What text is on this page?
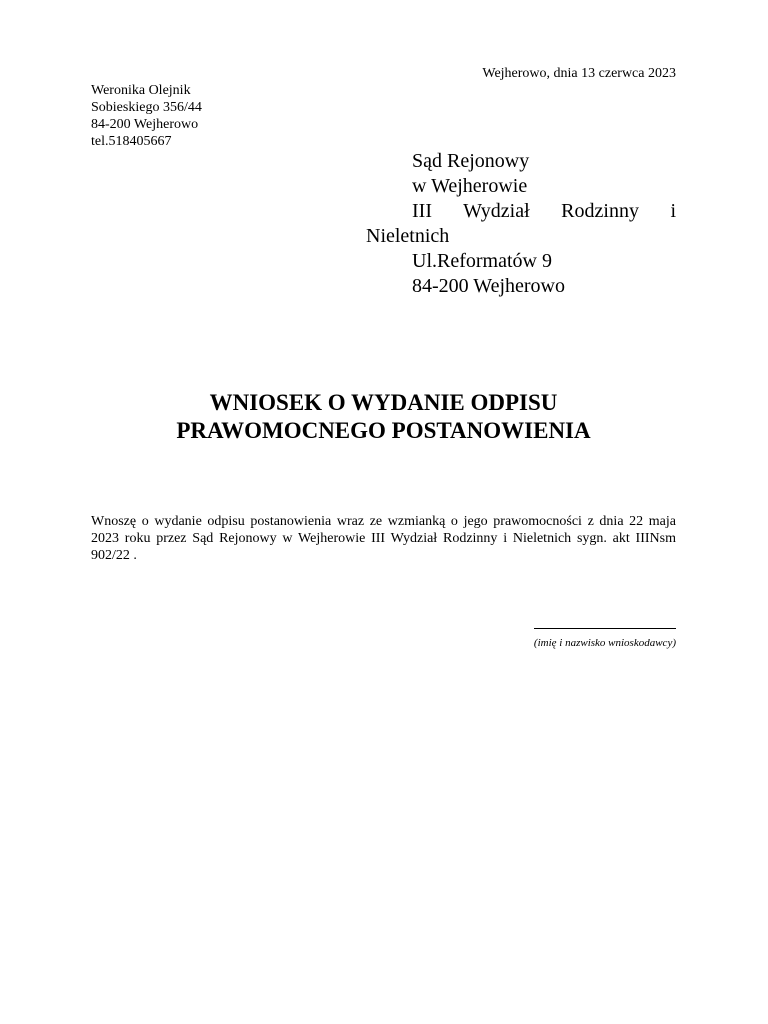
Wejherowo, dnia 13 czerwca 2023
Weronika Olejnik
Sobieskiego 356/44
84-200 Wejherowo
tel.518405667
Sąd Rejonowy
w Wejherowie
III Wydział Rodzinny i
Nieletnich
Ul.Reformatów 9
84-200 Wejherowo
WNIOSEK O WYDANIE ODPISU
PRAWOMOCNEGO POSTANOWIENIA
Wnoszę o wydanie odpisu postanowienia wraz ze wzmianką o jego prawomocności z dnia 22 maja 2023 roku przez Sąd Rejonowy w Wejherowie III Wydział Rodzinny i Nieletnich sygn. akt IIINsm 902/22 .
(imię i nazwisko wnioskodawcy)
